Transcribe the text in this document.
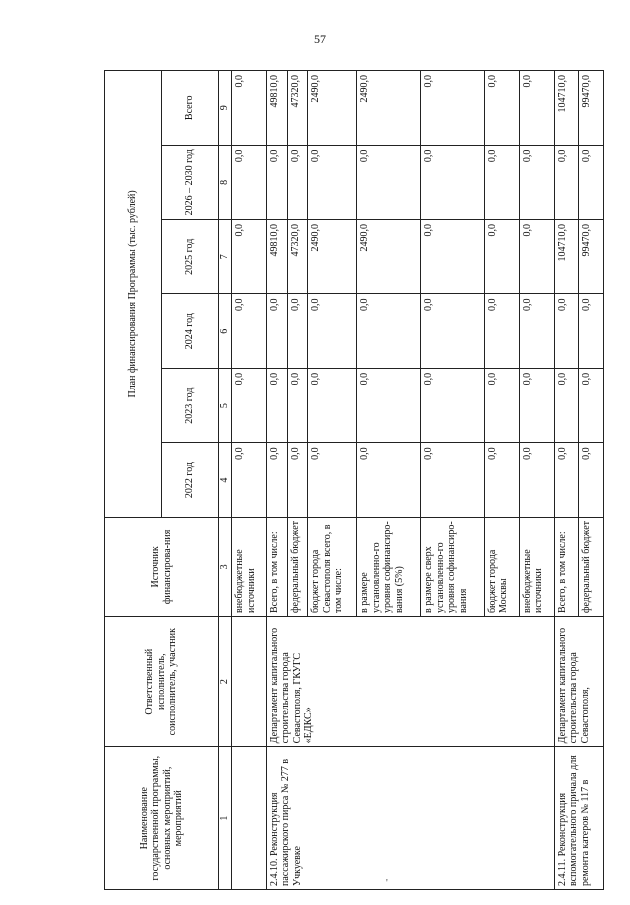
57
Наименование государственной программы, основных мероприятий, мероприятий	Ответственный исполнитель, соисполнитель, участник	Источник финансирова-ния	План финансирования Программы (тыс. рублей)					
			2022 год	2023 год	2024 год	2025 год	2026 – 2030 год	Всего
1	2	3	4	5	6	7	8	9
		внебюджетные источники	0,0	0,0	0,0	0,0	0,0	0,0
2.4.10. Реконструкция пассажирского пирса № 277 в Учкуевке	Департамент капитального строительства города Севастополя, ГКУГС «ЕДКС»	Всего, в том числе:	0,0	0,0	0,0	49810,0	0,0	49810,0
		федеральный бюджет	0,0	0,0	0,0	47320,0	0,0	47320,0
		бюджет города Севастополя всего, в том числе:	0,0	0,0	0,0	2490,0	0,0	2490,0
		в размере установленно-го уровня софинансиро-вания (5%)	0,0	0,0	0,0	2490,0	0,0	2490,0
		в размере сверх установленно-го уровня софинансиро-вания	0,0	0,0	0,0	0,0	0,0	0,0
		бюджет города Москвы	0,0	0,0	0,0	0,0	0,0	0,0
		внебюджетные источники	0,0	0,0	0,0	0,0	0,0	0,0
2.4.11. Реконструкция вспомогательного причала для ремонта катеров № 117 в	Департамент капитального строительства города Севастополя,	Всего, в том числе:	0,0	0,0	0,0	104710,0	0,0	104710,0
		федеральный бюджет	0,0	0,0	0,0	99470,0	0,0	99470,0
'
